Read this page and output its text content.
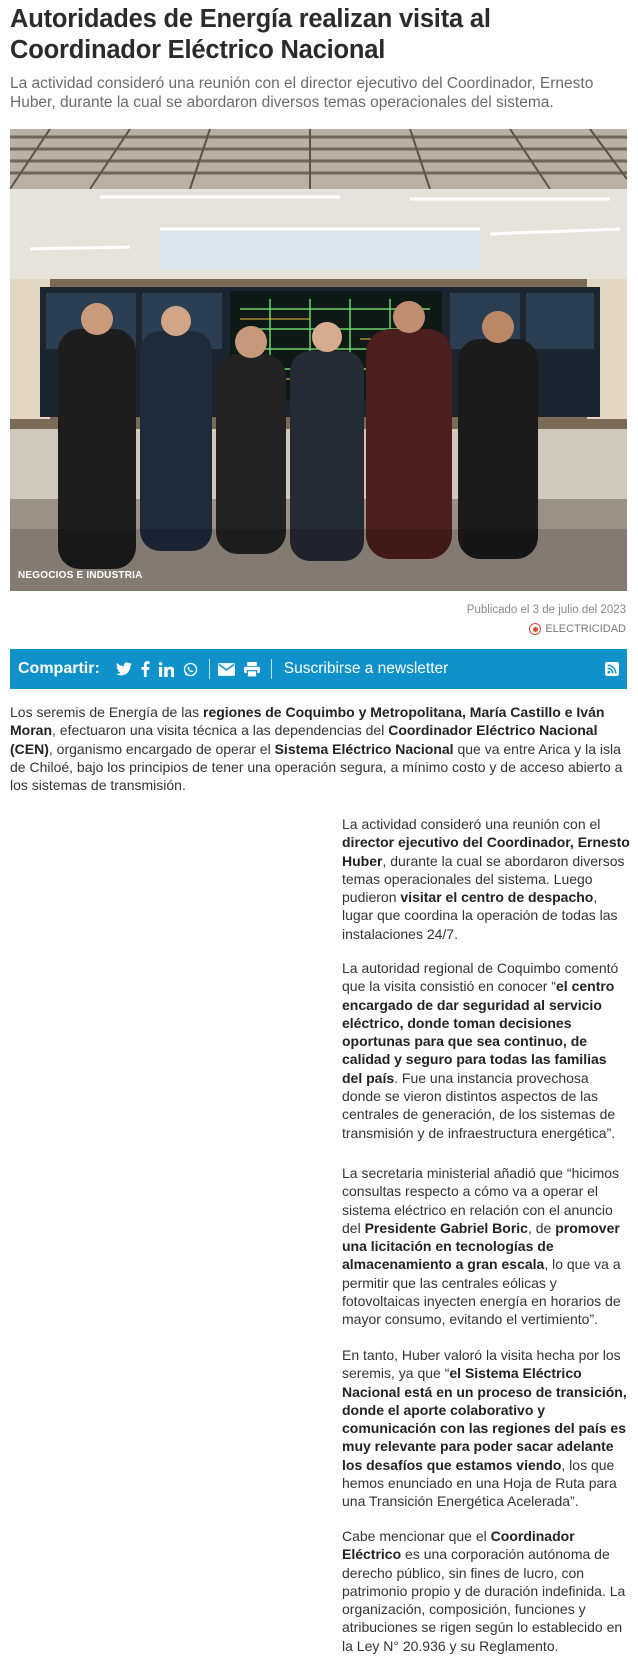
Autoridades de Energía realizan visita al Coordinador Eléctrico Nacional

La actividad consideró una reunión con el director ejecutivo del Coordinador, Ernesto Huber, durante la cual se abordaron diversos temas operacionales del sistema.

NEGOCIOS E INDUSTRIA
Publicado el 3 de julio del 2023
ELECTRICIDAD
Compartir:	Suscribirse a newsletter

Los seremis de Energía de las regiones de Coquimbo y Metropolitana, María Castillo e Iván Moran, efectuaron una visita técnica a las dependencias del Coordinador Eléctrico Nacional (CEN), organismo encargado de operar el Sistema Eléctrico Nacional que va entre Arica y la isla de Chiloé, bajo los principios de tener una operación segura, a mínimo costo y de acceso abierto a los sistemas de transmisión.

La actividad consideró una reunión con el director ejecutivo del Coordinador, Ernesto Huber, durante la cual se abordaron diversos temas operacionales del sistema. Luego pudieron visitar el centro de despacho, lugar que coordina la operación de todas las instalaciones 24/7.

La autoridad regional de Coquimbo comentó que la visita consistió en conocer “el centro encargado de dar seguridad al servicio eléctrico, donde toman decisiones oportunas para que sea continuo, de calidad y seguro para todas las familias del país. Fue una instancia provechosa donde se vieron distintos aspectos de las centrales de generación, de los sistemas de transmisión y de infraestructura energética”.

La secretaria ministerial añadió que “hicimos consultas respecto a cómo va a operar el sistema eléctrico en relación con el anuncio del Presidente Gabriel Boric, de promover una licitación en tecnologías de almacenamiento a gran escala, lo que va a permitir que las centrales eólicas y fotovoltaicas inyecten energía en horarios de mayor consumo, evitando el vertimiento”.

En tanto, Huber valoró la visita hecha por los seremis, ya que “el Sistema Eléctrico Nacional está en un proceso de transición, donde el aporte colaborativo y comunicación con las regiones del país es muy relevante para poder sacar adelante los desafíos que estamos viendo, los que hemos enunciado en una Hoja de Ruta para una Transición Energética Acelerada”.

Cabe mencionar que el Coordinador Eléctrico es una corporación autónoma de derecho público, sin fines de lucro, con patrimonio propio y de duración indefinida. La organización, composición, funciones y atribuciones se rigen según lo establecido en la Ley N° 20.936 y su Reglamento.
